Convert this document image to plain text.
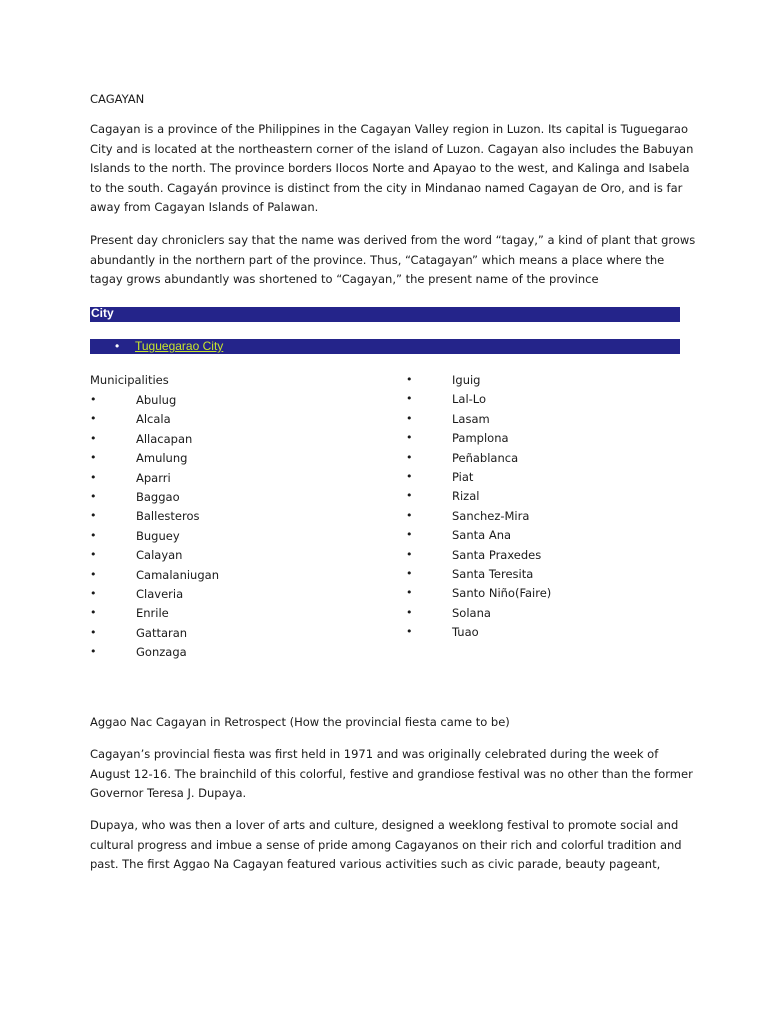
CAGAYAN
Cagayan is a province of the Philippines in the Cagayan Valley region in Luzon. Its capital is Tuguegarao
City and is located at the northeastern corner of the island of Luzon. Cagayan also includes the Babuyan
Islands to the north. The province borders Ilocos Norte and Apayao to the west, and Kalinga and Isabela
to the south. Cagayán province is distinct from the city in Mindanao named Cagayan de Oro, and is far
away from Cagayan Islands of Palawan.
Present day chroniclers say that the name was derived from the word “tagay,” a kind of plant that grows
abundantly in the northern part of the province. Thus, “Catagayan” which means a place where the
tagay grows abundantly was shortened to “Cagayan,” the present name of the province
City
• Tuguegarao City
Municipalities
•	Abulug
•	Alcala
•	Allacapan
•	Amulung
•	Aparri
•	Baggao
•	Ballesteros
•	Buguey
•	Calayan
•	Camalaniugan
•	Claveria
•	Enrile
•	Gattaran
•	Gonzaga
•	Iguig
•	Lal-Lo
•	Lasam
•	Pamplona
•	Peñablanca
•	Piat
•	Rizal
•	Sanchez-Mira
•	Santa Ana
•	Santa Praxedes
•	Santa Teresita
•	Santo Niño(Faire)
•	Solana
•	Tuao
Aggao Nac Cagayan in Retrospect (How the provincial fiesta came to be)
Cagayan’s provincial fiesta was first held in 1971 and was originally celebrated during the week of
August 12-16. The brainchild of this colorful, festive and grandiose festival was no other than the former
Governor Teresa J. Dupaya.
Dupaya, who was then a lover of arts and culture, designed a weeklong festival to promote social and
cultural progress and imbue a sense of pride among Cagayanos on their rich and colorful tradition and
past. The first Aggao Na Cagayan featured various activities such as civic parade, beauty pageant,
